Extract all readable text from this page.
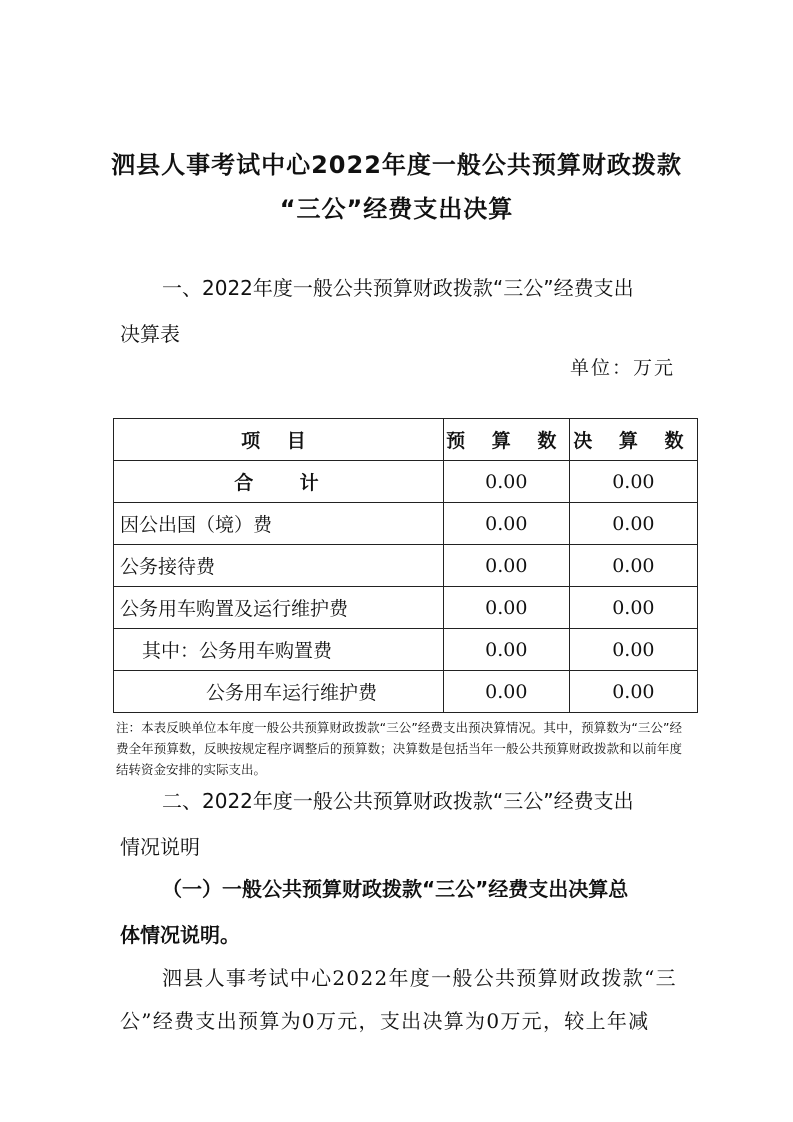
泗县人事考试中心2022年度一般公共预算财政拨款
“三公”经费支出决算
一、2022年度一般公共预算财政拨款“三公”经费支出
决算表
单位：万元
项 目	预 算 数	决 算 数
合    计	0.00	0.00
因公出国（境）费	0.00	0.00
公务接待费	0.00	0.00
公务用车购置及运行维护费	0.00	0.00
其中：公务用车购置费	0.00	0.00
公务用车运行维护费	0.00	0.00
注：本表反映单位本年度一般公共预算财政拨款“三公”经费支出预决算情况。其中，预算数为“三公”经费全年预算数，反映按规定程序调整后的预算数；决算数是包括当年一般公共预算财政拨款和以前年度结转资金安排的实际支出。
二、2022年度一般公共预算财政拨款“三公”经费支出
情况说明
（一）一般公共预算财政拨款“三公”经费支出决算总
体情况说明。
泗县人事考试中心2022年度一般公共预算财政拨款“三
公”经费支出预算为0万元，支出决算为0万元，较上年减
